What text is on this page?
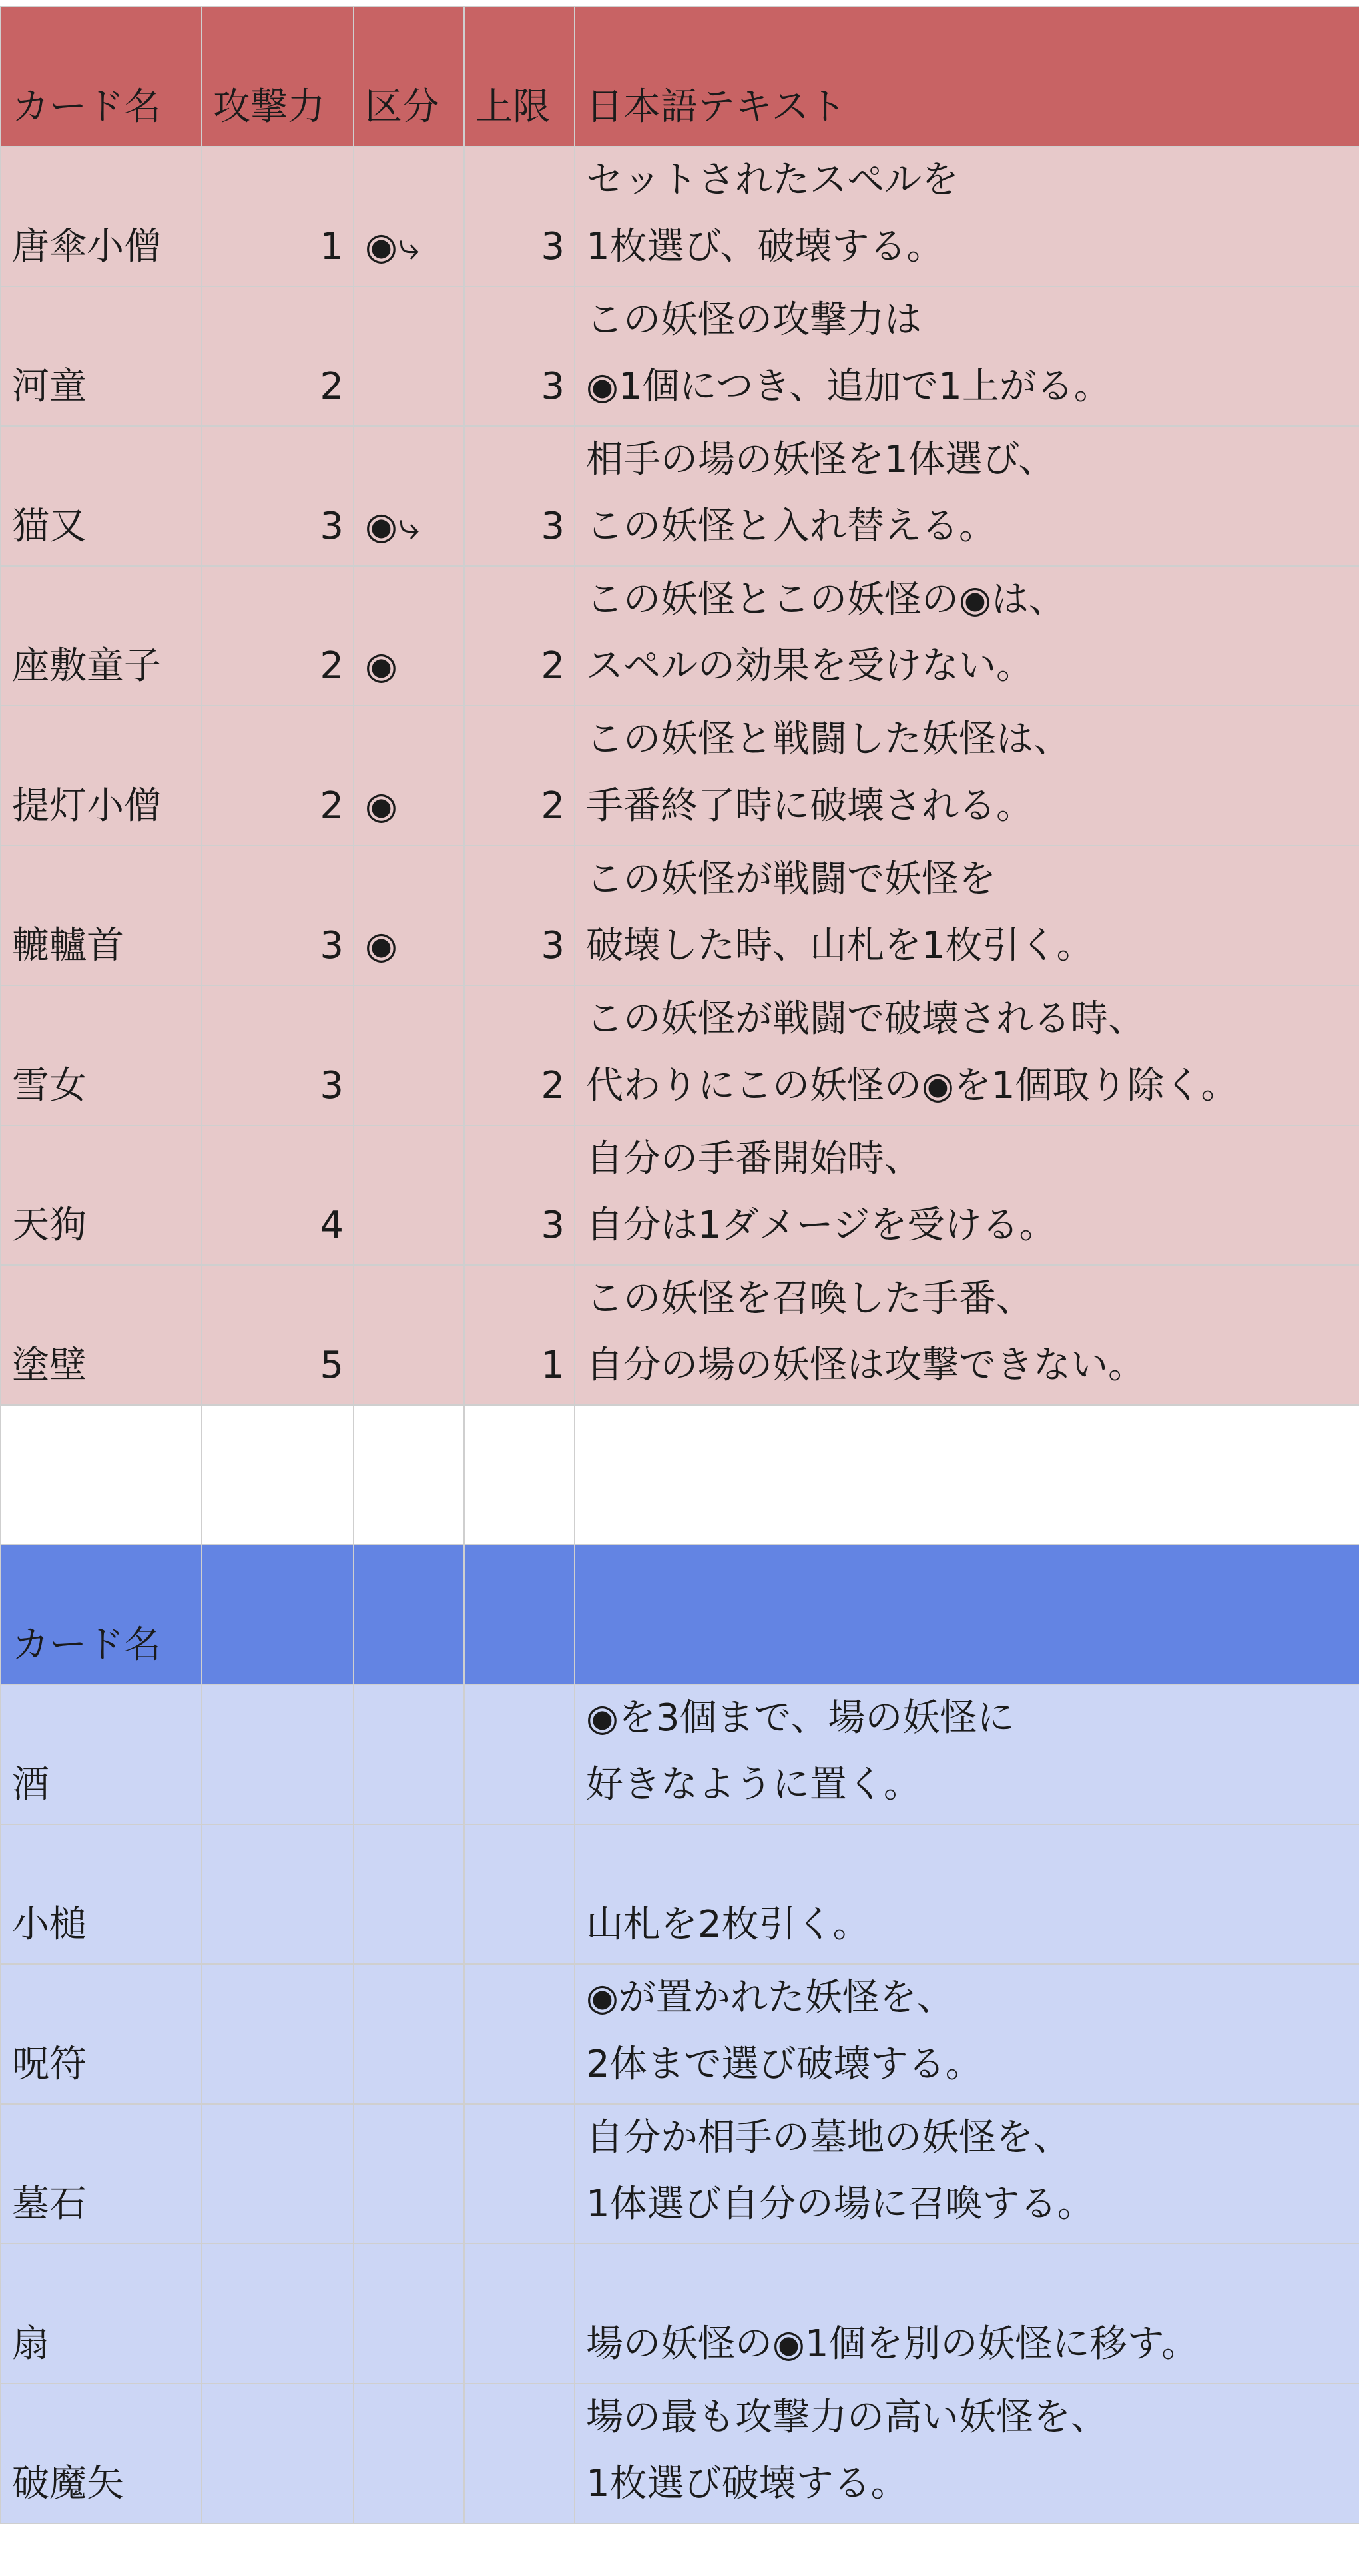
カード名	攻撃力	区分	上限	日本語テキスト
唐傘小僧	1	◉⤷	3	セットされたスペルを
1枚選び、破壊する。

河童	2		3	この妖怪の攻撃力は
◉1個につき、追加で1上がる。

猫又	3	◉⤷	3	相手の場の妖怪を1体選び、
この妖怪と入れ替える。

座敷童子	2	◉	2	この妖怪とこの妖怪の◉は、
スペルの効果を受けない。

提灯小僧	2	◉	2	この妖怪と戦闘した妖怪は、
手番終了時に破壊される。

轆轤首	3	◉	3	この妖怪が戦闘で妖怪を
破壊した時、山札を1枚引く。

雪女	3		2	この妖怪が戦闘で破壊される時、
代わりにこの妖怪の◉を1個取り除く。

天狗	4		3	自分の手番開始時、
自分は1ダメージを受ける。

塗壁	5		1	この妖怪を召喚した手番、
自分の場の妖怪は攻撃できない。

カード名				
酒				◉を3個まで、場の妖怪に
好きなように置く。

小槌				山札を2枚引く。

呪符				◉が置かれた妖怪を、
2体まで選び破壊する。

墓石				自分か相手の墓地の妖怪を、
1体選び自分の場に召喚する。

扇				場の妖怪の◉1個を別の妖怪に移す。

破魔矢				場の最も攻撃力の高い妖怪を、
1枚選び破壊する。
